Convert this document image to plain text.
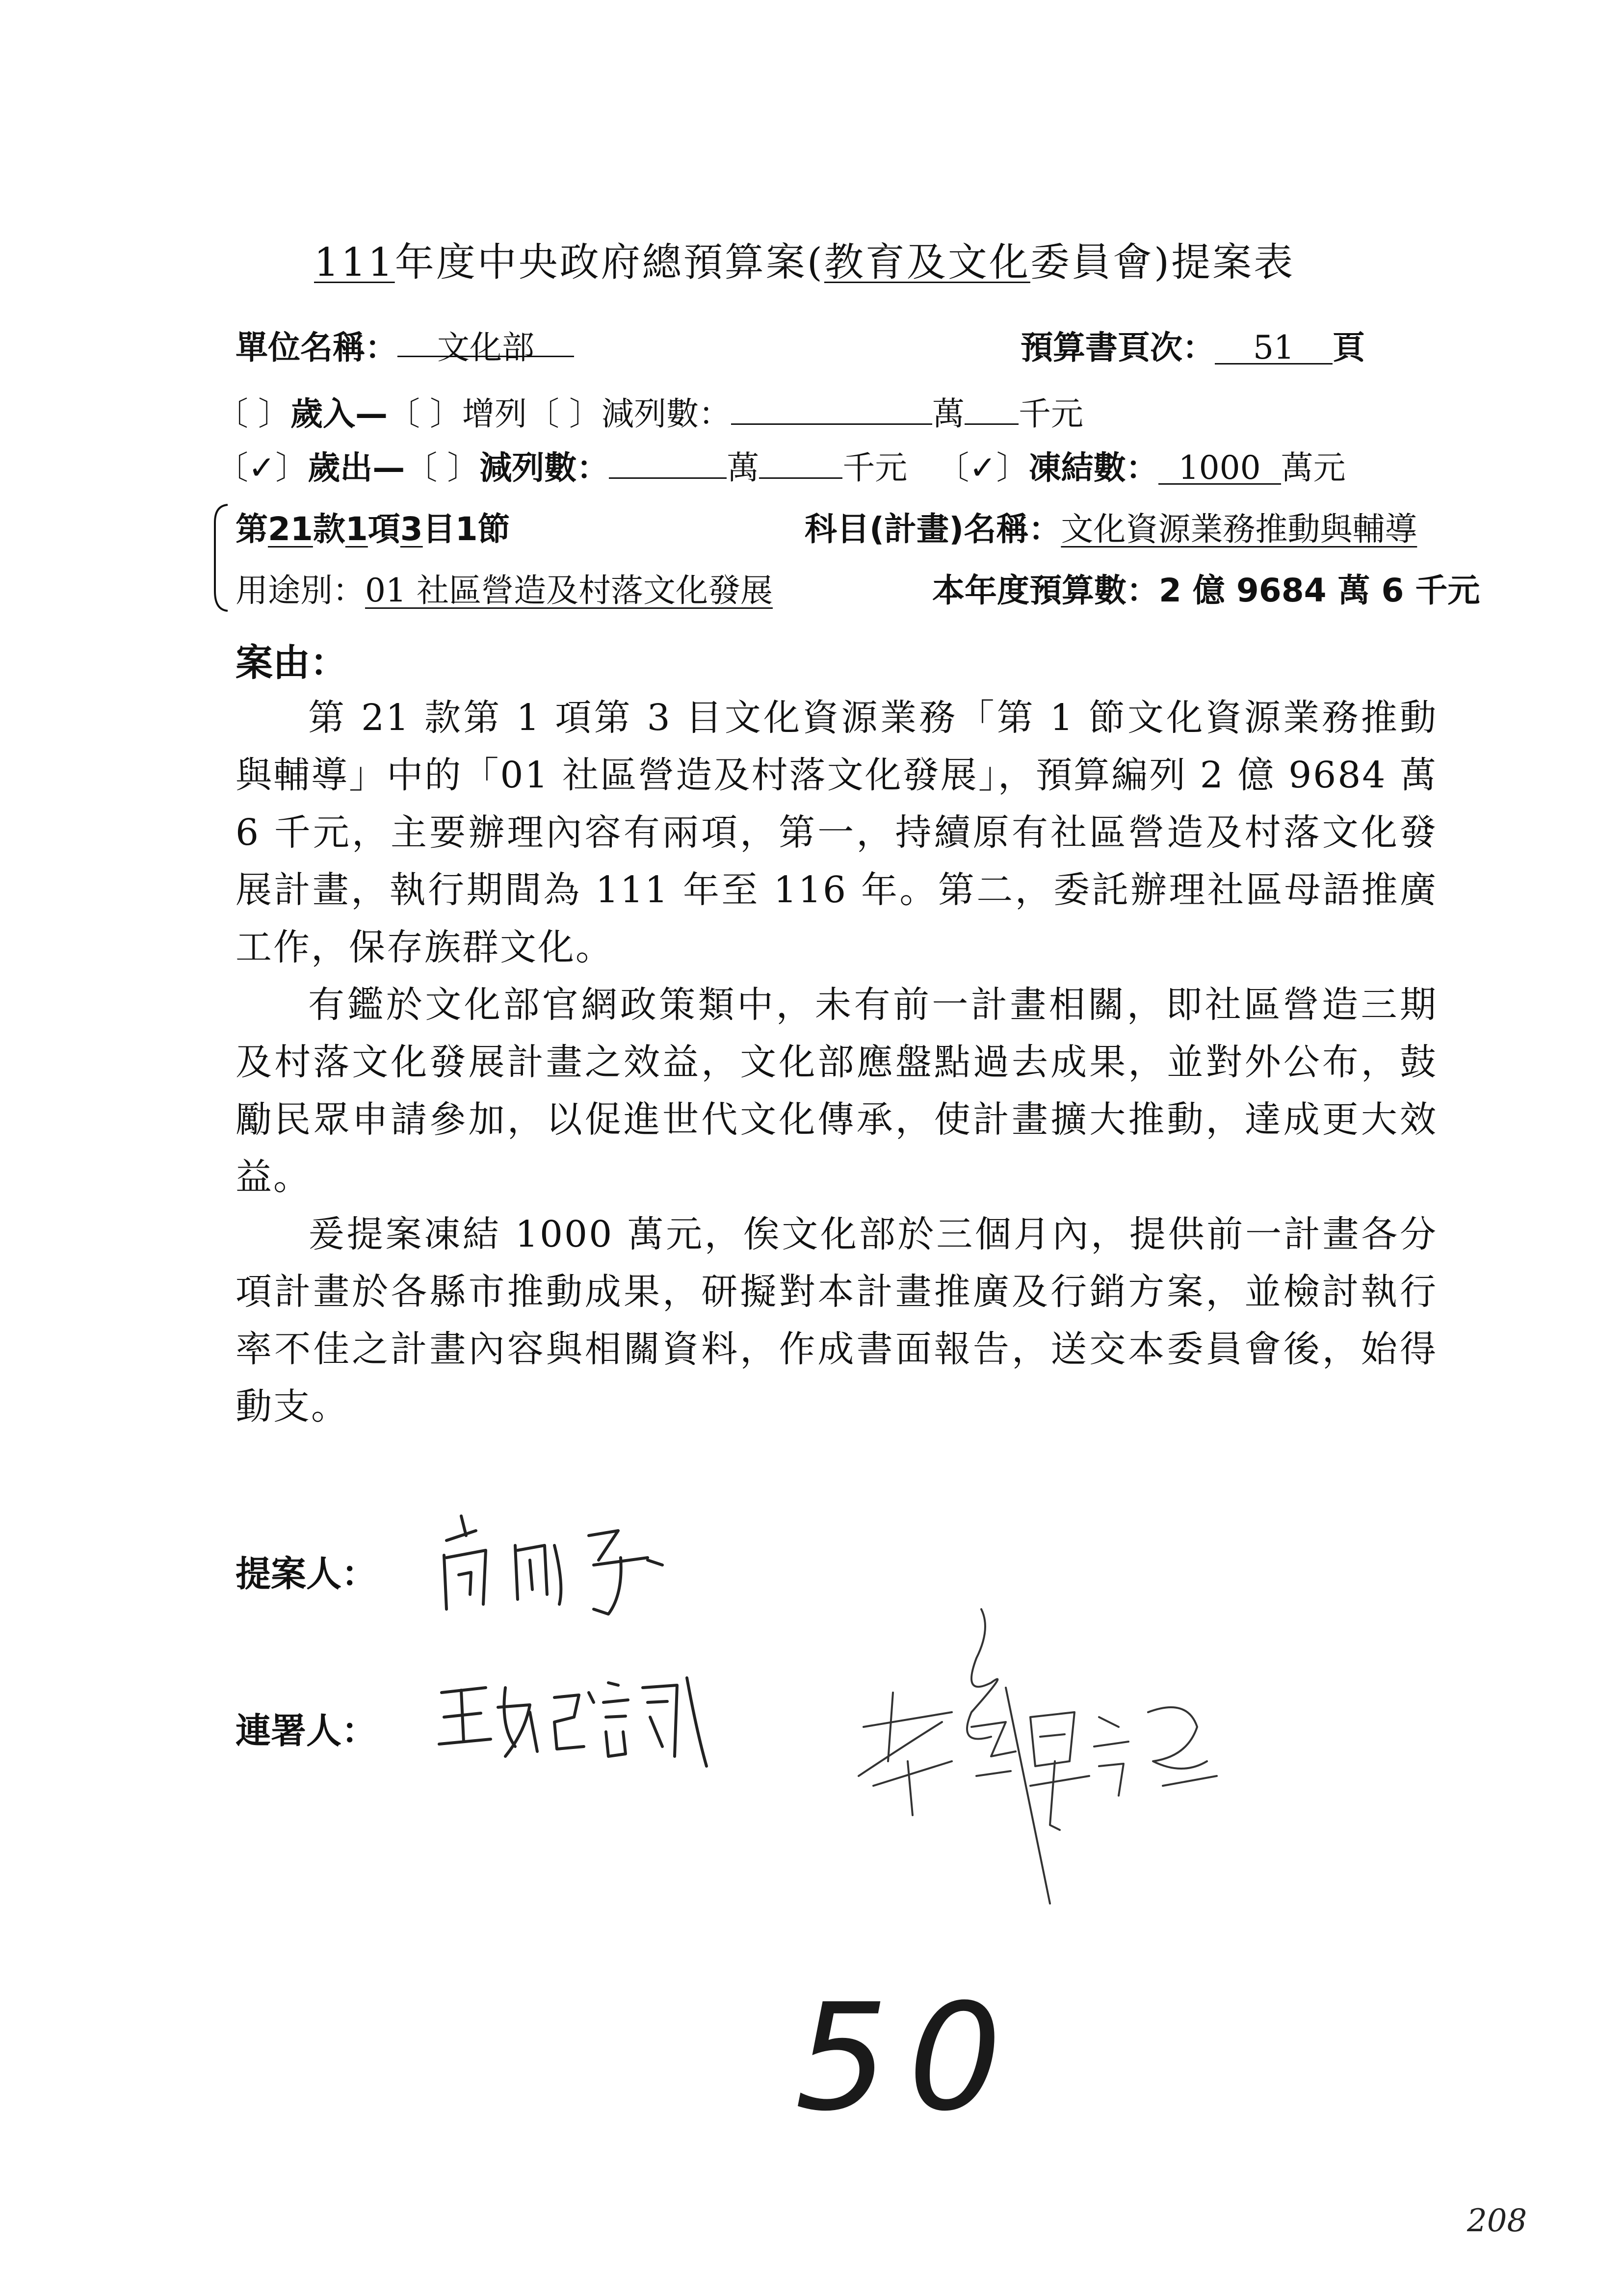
111年度中央政府總預算案(教育及文化委員會)提案表
單位名稱： 文化部	預算書頁次： 51 頁
〔 〕歲入—〔 〕增列〔 〕減列數：	萬 千元
〔✓〕歲出—〔 〕減列數：	萬	千元 〔✓〕凍結數： 1000 萬元
第21款1項3目1節	科目(計畫)名稱：文化資源業務推動與輔導
用途別：01 社區營造及村落文化發展	本年度預算數：2 億 9684 萬 6 千元
案由：

第 21 款第 1 項第 3 目文化資源業務「第 1 節文化資源業務推動與輔導」中的「01 社區營造及村落文化發展」，預算編列 2 億 9684 萬 6 千元，主要辦理內容有兩項，第一，持續原有社區營造及村落文化發展計畫，執行期間為 111 年至 116 年。第二，委託辦理社區母語推廣工作，保存族群文化。

有鑑於文化部官網政策類中，未有前一計畫相關，即社區營造三期及村落文化發展計畫之效益，文化部應盤點過去成果，並對外公布，鼓勵民眾申請參加，以促進世代文化傳承，使計畫擴大推動，達成更大效益。

爰提案凍結 1000 萬元，俟文化部於三個月內，提供前一計畫各分項計畫於各縣市推動成果，研擬對本計畫推廣及行銷方案，並檢討執行率不佳之計畫內容與相關資料，作成書面報告，送交本委員會後，始得動支。

提案人：
連署人：
50
208
